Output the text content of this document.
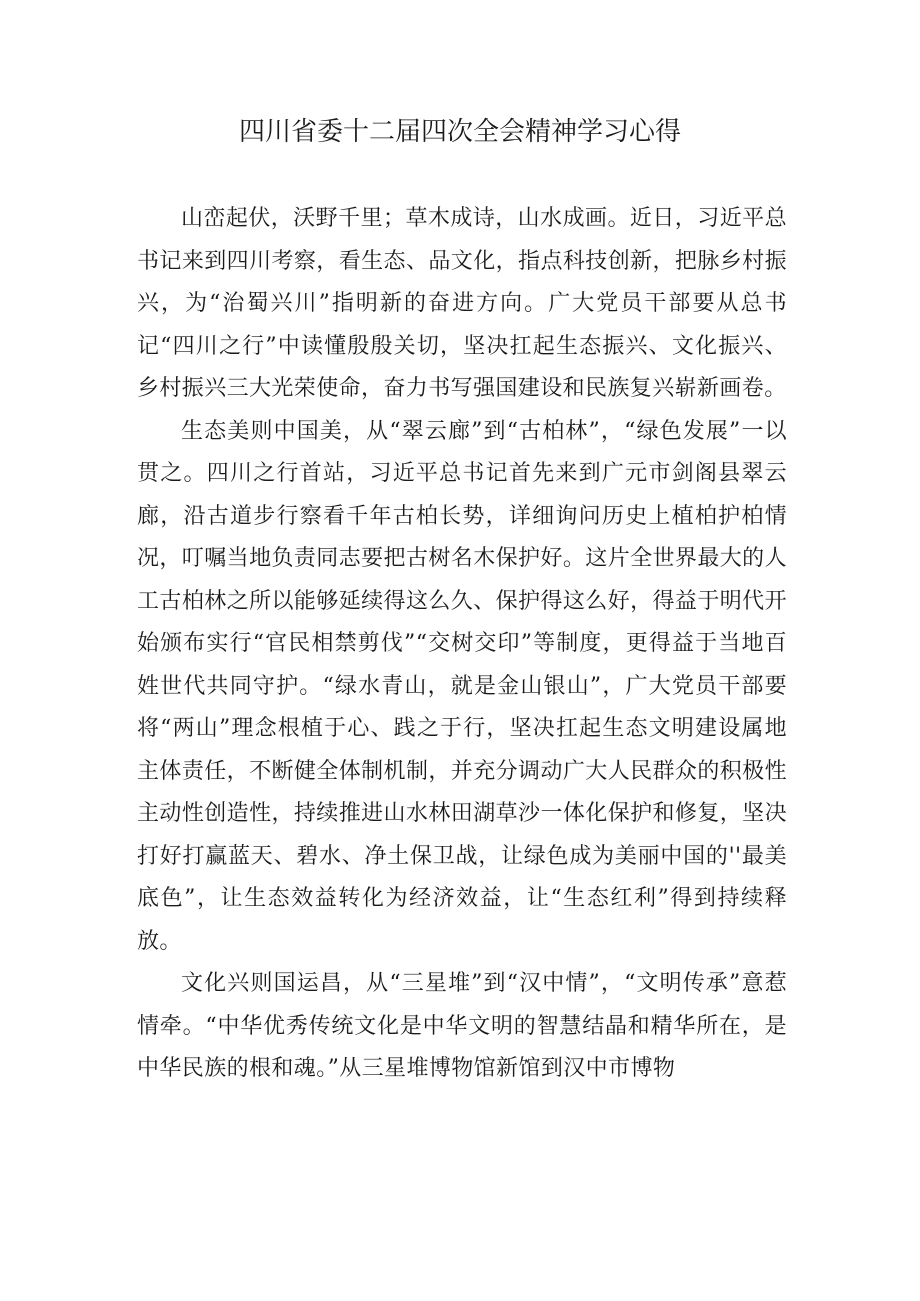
四川省委十二届四次全会精神学习心得

山峦起伏，沃野千里；草木成诗，山水成画。近日，习近平总书记来到四川考察，看生态、品文化，指点科技创新，把脉乡村振兴，为“治蜀兴川”指明新的奋进方向。广大党员干部要从总书记“四川之行”中读懂殷殷关切，坚决扛起生态振兴、文化振兴、乡村振兴三大光荣使命，奋力书写强国建设和民族复兴崭新画卷。

生态美则中国美，从“翠云廊”到“古柏林”，“绿色发展”一以贯之。四川之行首站，习近平总书记首先来到广元市剑阁县翠云廊，沿古道步行察看千年古柏长势，详细询问历史上植柏护柏情况，叮嘱当地负责同志要把古树名木保护好。这片全世界最大的人工古柏林之所以能够延续得这么久、保护得这么好，得益于明代开始颁布实行“官民相禁剪伐”“交树交印”等制度，更得益于当地百姓世代共同守护。“绿水青山，就是金山银山”，广大党员干部要将“两山”理念根植于心、践之于行，坚决扛起生态文明建设属地主体责任，不断健全体制机制，并充分调动广大人民群众的积极性主动性创造性，持续推进山水林田湖草沙一体化保护和修复，坚决打好打赢蓝天、碧水、净土保卫战，让绿色成为美丽中国的''最美底色”，让生态效益转化为经济效益，让“生态红利”得到持续释放。

文化兴则国运昌，从“三星堆”到“汉中情”，“文明传承”意惹情牵。“中华优秀传统文化是中华文明的智慧结晶和精华所在，是中华民族的根和魂。”从三星堆博物馆新馆到汉中市博物
